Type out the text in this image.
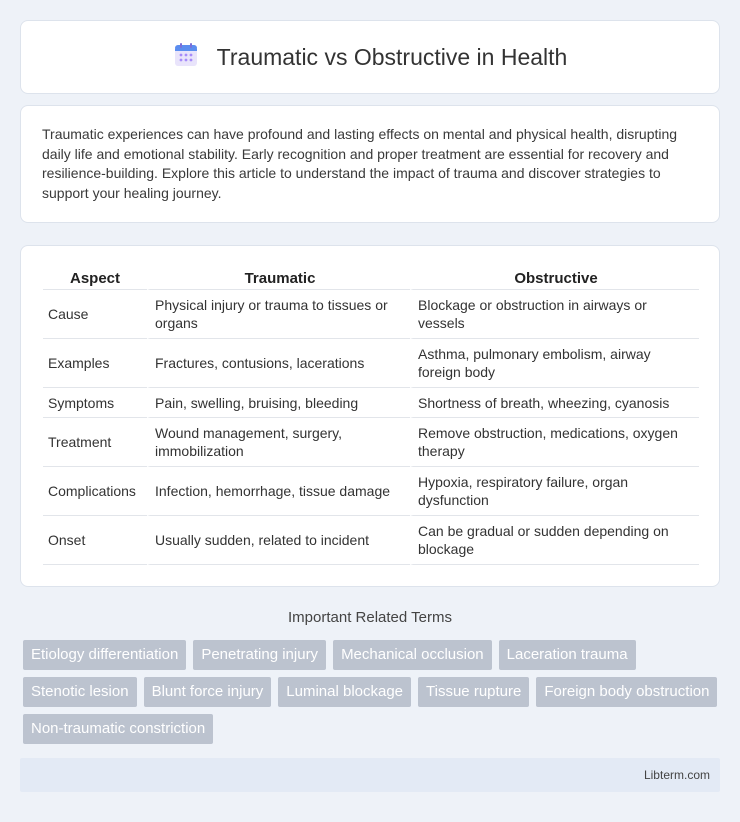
Traumatic vs Obstructive in Health

Traumatic experiences can have profound and lasting effects on mental and physical health, disrupting daily life and emotional stability. Early recognition and proper treatment are essential for recovery and resilience-building. Explore this article to understand the impact of trauma and discover strategies to support your healing journey.

Aspect	Traumatic	Obstructive
Cause	Physical injury or trauma to tissues or organs	Blockage or obstruction in airways or vessels
Examples	Fractures, contusions, lacerations	Asthma, pulmonary embolism, airway foreign body
Symptoms	Pain, swelling, bruising, bleeding	Shortness of breath, wheezing, cyanosis
Treatment	Wound management, surgery, immobilization	Remove obstruction, medications, oxygen therapy
Complications	Infection, hemorrhage, tissue damage	Hypoxia, respiratory failure, organ dysfunction
Onset	Usually sudden, related to incident	Can be gradual or sudden depending on blockage
Important Related Terms
Etiology differentiation	Penetrating injury	Mechanical occlusion	Laceration trauma
Stenotic lesion	Blunt force injury	Luminal blockage	Tissue rupture	Foreign body obstruction
Non-traumatic constriction
Libterm.com
